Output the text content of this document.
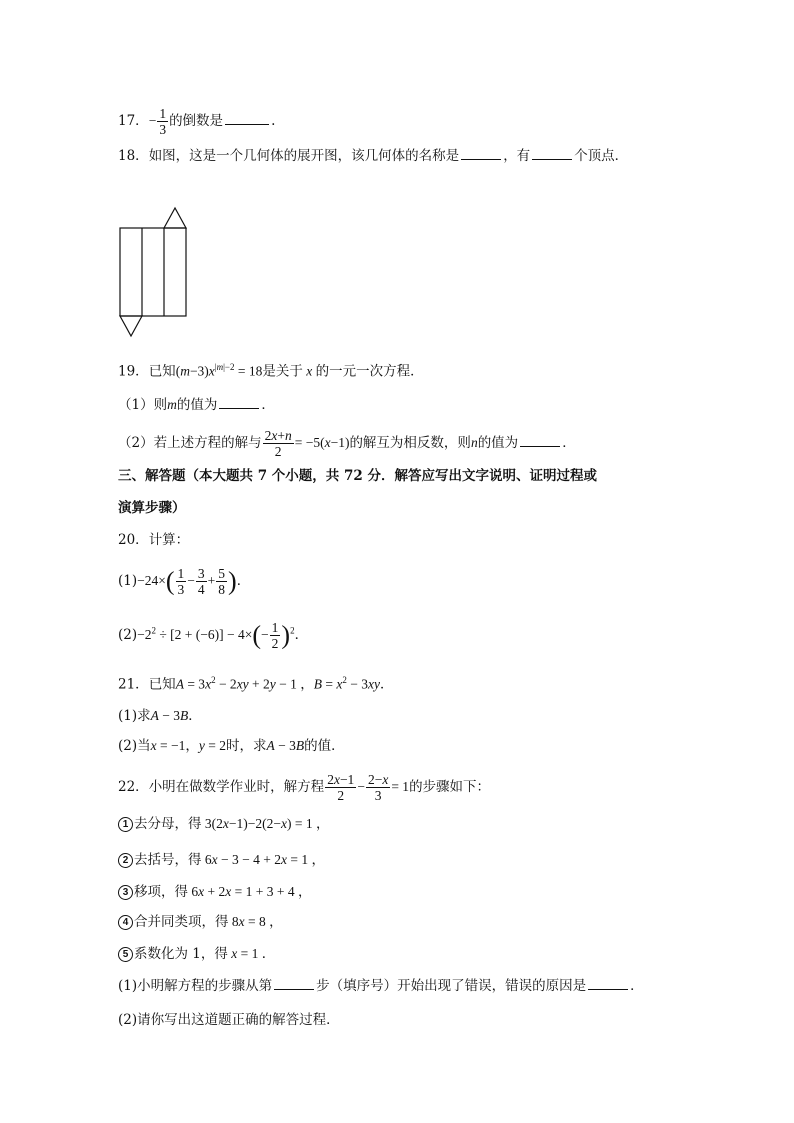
17．− $\frac{1}{3}$ 的倒数是	.
18．如图，这是一个几何体的展开图，该几何体的名称是	，有	个顶点．
19．已知$(m-3)x^{|m|-2} = 18$是关于 x 的一元一次方程．
（1）则m的值为	．
（2）若上述方程的解与 $\frac{2x+n}{2} = -5(x-1)$的解互为相反数，则n的值为	．
三、解答题（本大题共 7 个小题，共 72 分．解答应写出文字说明、证明过程或
演算步骤）
20．计算：
$(1)-24\times( \frac{1}{3} - \frac{3}{4} + \frac{5}{8}$ )．
$(2)-2^2 \div [2 + (-6)] - 4\times(- \frac{1}{2} )^2$．
21．已知$A = 3x^2 - 2xy + 2y - 1$ ，$B = x^2 - 3xy$．
(1)求A − 3B．
(2)当x = −1，y = 2时，求A − 3B的值．
22．小明在做数学作业时，解方程 $\frac{2x-1}{2} - \frac{2-x}{3} = 1$的步骤如下：
1 去分母，得 3(2x−1)−2(2−x) = 1 ，
2 去括号，得 6x − 3 − 4 + 2x = 1 ，
3 移项，得 6x + 2x = 1 + 3 + 4 ，
4 合并同类项，得 8x = 8 ，
5 系数化为 1，得 x = 1 ．
(1)小明解方程的步骤从第	步（填序号）开始出现了错误，错误的原因是	．
(2)请你写出这道题正确的解答过程．
